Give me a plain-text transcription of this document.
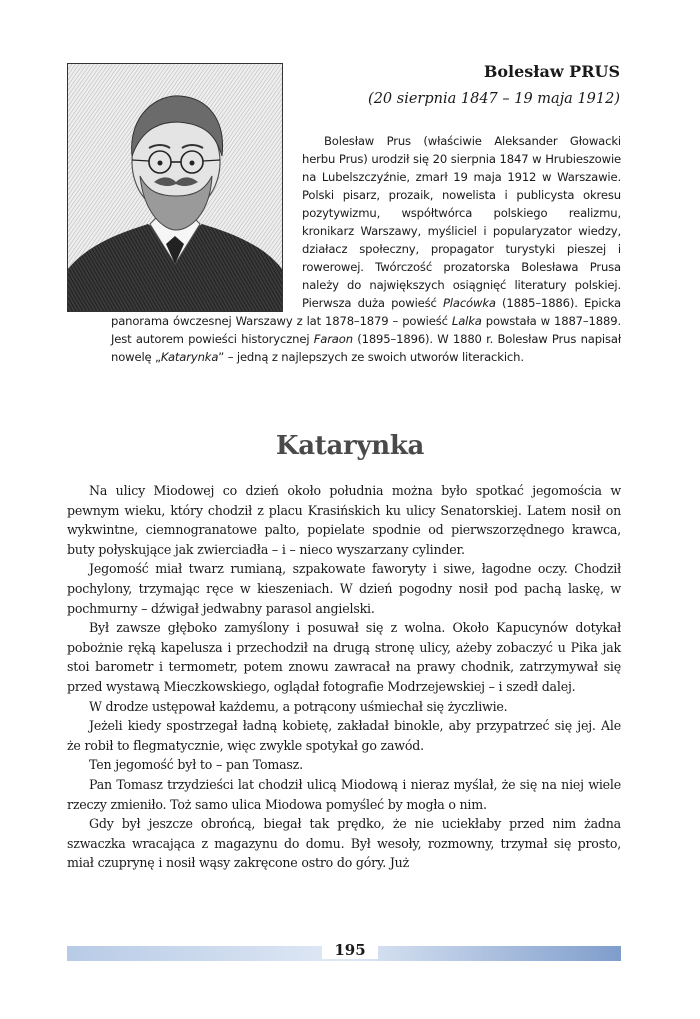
Bolesław PRUS
(20 sierpnia 1847 – 19 maja 1912)

Bolesław Prus (właściwie Aleksander Głowacki herbu Prus) urodził się 20 sierpnia 1847 w Hrubieszowie na Lubelszczyźnie, zmarł 19 maja 1912 w Warszawie. Polski pisarz, prozaik, nowelista i publicysta okresu pozytywizmu, współtwórca polskiego realizmu, kronikarz Warszawy, myśliciel i popularyzator wiedzy, działacz społeczny, propagator turystyki pieszej i rowerowej. Twórczość prozatorska Bolesława Prusa należy do największych osiągnięć literatury polskiej. Pierwsza duża powieść Placówka (1885–1886). Epicka panorama ówczesnej Warszawy z lat 1878–1879 – powieść Lalka powstała w 1887–1889. Jest autorem powieści historycznej Faraon (1895–1896). W 1880 r. Bolesław Prus napisał nowelę „Katarynka” – jedną z najlepszych ze swoich utworów literackich.

Katarynka

Na ulicy Miodowej co dzień około południa można było spotkać jegomościa w pewnym wieku, który chodził z placu Krasińskich ku ulicy Senatorskiej. Latem nosił on wykwintne, ciemnogranatowe palto, popielate spodnie od pierwszorzędnego krawca, buty połyskujące jak zwierciadła – i – nieco wyszarzany cylinder.

Jegomość miał twarz rumianą, szpakowate faworyty i siwe, łagodne oczy. Chodził pochylony, trzymając ręce w kieszeniach. W dzień pogodny nosił pod pachą laskę, w pochmurny – dźwigał jedwabny parasol angielski.

Był zawsze głęboko zamyślony i posuwał się z wolna. Około Kapucynów dotykał pobożnie ręką kapelusza i przechodził na drugą stronę ulicy, ażeby zobaczyć u Pika jak stoi barometr i termometr, potem znowu zawracał na prawy chodnik, zatrzymywał się przed wystawą Mieczkowskiego, oglądał fotografie Modrzejewskiej – i szedł dalej.

W drodze ustępował każdemu, a potrącony uśmiechał się życzliwie.

Jeżeli kiedy spostrzegał ładną kobietę, zakładał binokle, aby przypatrzeć się jej. Ale że robił to flegmatycznie, więc zwykle spotykał go zawód.

Ten jegomość był to – pan Tomasz.

Pan Tomasz trzydzieści lat chodził ulicą Miodową i nieraz myślał, że się na niej wiele rzeczy zmieniło. Toż samo ulica Miodowa pomyśleć by mogła o nim.

Gdy był jeszcze obrońcą, biegał tak prędko, że nie uciekłaby przed nim żadna szwaczka wracająca z magazynu do domu. Był wesoły, rozmowny, trzymał się prosto, miał czuprynę i nosił wąsy zakręcone ostro do góry. Już

195
